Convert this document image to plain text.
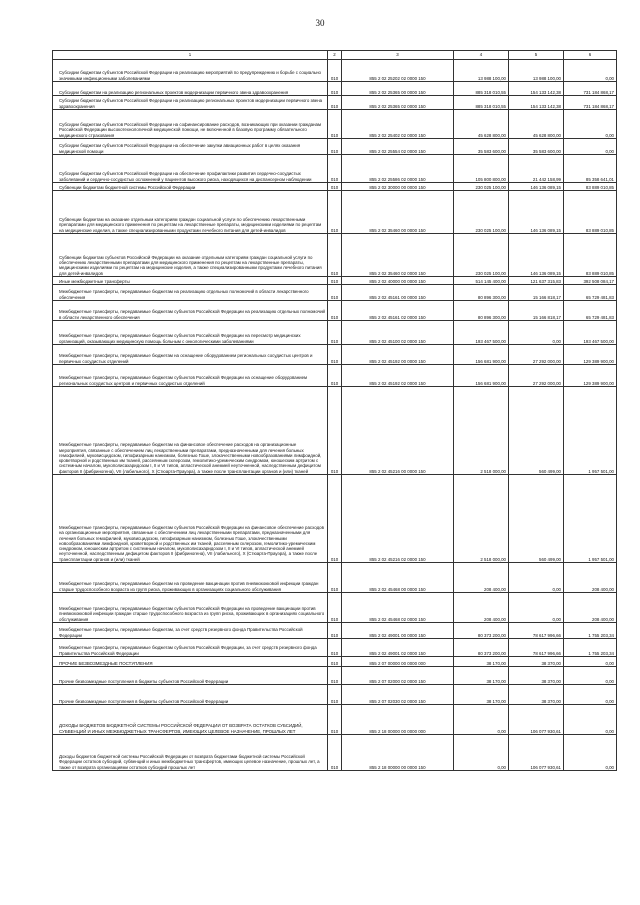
30
1	2	3	4	5	6
Субсидии бюджетам субъектов Российской Федерации на реализацию мероприятий по предупреждению и борьбе с социально значимыми инфекционными заболеваниями	010	855 2 02 25202 02 0000 150	13 988 100,00	13 988 100,00	0,00
Субсидии бюджетам на реализацию региональных проектов модернизации первичного звена здравоохранения	010	855 2 02 25365 00 0000 150	885 318 010,55	154 133 142,38	731 184 868,17
Субсидии бюджетам субъектов Российской Федерации на реализацию региональных проектов модернизации первичного звена здравоохранения	010	855 2 02 25365 02 0000 150	885 318 010,55	154 133 142,38	731 184 868,17
Субсидии бюджетам субъектов Российской Федерации на софинансирование расходов, возникающих при оказании гражданам Российской Федерации высокотехнологичной медицинской помощи, не включенной в базовую программу обязательного медицинского страхования	010	855 2 02 25402 02 0000 150	45 628 800,00	45 628 800,00	0,00
Субсидии бюджетам субъектов Российской Федерации на обеспечение закупки авиационных работ в целях оказания медицинской помощи	010	855 2 02 25554 02 0000 150	35 583 600,00	35 583 600,00	0,00
Субсидии бюджетам субъектов Российской Федерации на обеспечение профилактики развития сердечно-сосудистых заболеваний и сердечно-сосудистых осложнений у пациентов высокого риска, находящихся на диспансерном наблюдении	010	855 2 02 25586 02 0000 150	105 800 800,00	21 442 158,99	85 358 641,01
Субвенции бюджетам бюджетной системы Российской Федерации	010	855 2 02 30000 00 0000 150	230 025 100,00	146 136 089,15	83 889 010,85
Субвенции бюджетам на оказание отдельным категориям граждан социальной услуги по обеспечению лекарственными препаратами для медицинского применения по рецептам на лекарственные препараты, медицинскими изделиями по рецептам на медицинские изделия, а также специализированными продуктами лечебного питания для детей-инвалидов	010	855 2 02 35460 00 0000 150	230 025 100,00	146 136 089,15	83 889 010,85
Субвенции бюджетам субъектов Российской Федерации на оказание отдельным категориям граждан социальной услуги по обеспечению лекарственными препаратами для медицинского применения по рецептам на лекарственные препараты, медицинскими изделиями по рецептам на медицинские изделия, а также специализированными продуктами лечебного питания для детей-инвалидов	010	855 2 02 35460 02 0000 150	230 025 100,00	146 136 089,15	83 889 010,85
Иные межбюджетные трансферты	010	855 2 02 40000 00 0000 150	514 145 400,00	121 637 315,83	392 508 084,17
Межбюджетные трансферты, передаваемые бюджетам на реализацию отдельных полномочий в области лекарственного обеспечения	010	855 2 02 45161 00 0000 150	80 896 300,00	15 166 818,17	65 729 481,83
Межбюджетные трансферты, передаваемые бюджетам субъектов Российской Федерации на реализацию отдельных полномочий в области лекарственного обеспечения	010	855 2 02 45161 02 0000 150	80 896 300,00	15 166 818,17	65 729 481,83
Межбюджетные трансферты, передаваемые бюджетам субъектов Российской Федерации на пересмотр медицинских организаций, оказывающих медицинскую помощь больным с онкологическими заболеваниями	010	855 2 02 45100 02 0000 150	193 467 500,00	0,00	193 467 500,00
Межбюджетные трансферты, передаваемые бюджетам на оснащение оборудованием региональных сосудистых центров и первичных сосудистых отделений	010	855 2 02 45192 00 0000 150	156 681 900,00	27 292 000,00	129 389 900,00
Межбюджетные трансферты, передаваемые бюджетам субъектов Российской Федерации на оснащение оборудованием региональных сосудистых центров и первичных сосудистых отделений	010	855 2 02 45192 02 0000 150	156 681 900,00	27 292 000,00	129 389 900,00
Межбюджетные трансферты, передаваемые бюджетам на финансовое обеспечение расходов на организационные мероприятия, связанные с обеспечением лиц лекарственными препаратами, предназначенными для лечения больных гемофилией, муковисцидозом, гипофизарным нанизмом, болезнью Гоше, злокачественными новообразованиями лимфоидной, кроветворной и родственных им тканей, рассеянным склерозом, гемолитико-уремическим синдромом, юношеским артритом с системным началом, мукополисахаридозом I, II и VI типов, апластической анемией неуточненной, наследственным дефицитом факторов II (фибриногена), VII (лабильного), X (Стюарта-Прауэра), а также после трансплантации органов и (или) тканей	010	855 2 02 45216 00 0000 150	2 518 000,00	560 499,00	1 957 501,00
Межбюджетные трансферты, передаваемые бюджетам субъектов Российской Федерации на финансовое обеспечение расходов на организационные мероприятия, связанные с обеспечением лиц лекарственными препаратами, предназначенными для лечения больных гемофилией, муковисцидозом, гипофизарным нанизмом, болезнью Гоше, злокачественными новообразованиями лимфоидной, кроветворной и родственных им тканей, рассеянным склерозом, гемолитико-уремическим синдромом, юношеским артритом с системным началом, мукополисахаридозом I, II и VI типов, апластической анемией неуточненной, наследственным дефицитом факторов II (фибриногена), VII (лабильного), X (Стюарта-Прауэра), а также после трансплантации органов и (или) тканей	010	855 2 02 45216 02 0000 150	2 518 000,00	560 499,00	1 957 501,00
Межбюджетные трансферты, передаваемые бюджетам на проведение вакцинации против пневмококковой инфекции граждан старше трудоспособного возраста из групп риска, проживающих в организациях социального обслуживания	010	855 2 02 45468 00 0000 150	208 400,00	0,00	208 400,00
Межбюджетные трансферты, передаваемые бюджетам субъектов Российской Федерации на проведение вакцинации против пневмококковой инфекции граждан старше трудоспособного возраста из групп риска, проживающих в организациях социального обслуживания	010	855 2 02 45468 02 0000 150	208 400,00	0,00	208 400,00
Межбюджетные трансферты, передаваемые бюджетам, за счет средств резервного фонда Правительства Российской Федерации	010	855 2 02 49001 00 0000 150	80 373 200,00	78 617 996,66	1 755 203,34
Межбюджетные трансферты, передаваемые бюджетам субъектов Российской Федерации, за счет средств резервного фонда Правительства Российской Федерации	010	855 2 02 49001 02 0000 150	80 373 200,00	78 617 996,66	1 755 203,34
ПРОЧИЕ БЕЗВОЗМЕЗДНЫЕ ПОСТУПЛЕНИЯ	010	855 2 07 00000 00 0000 000	38 170,00	38 370,00	0,00
Прочие безвозмездные поступления в бюджеты субъектов Российской Федерации	010	855 2 07 02000 02 0000 150	38 170,00	38 370,00	0,00
Прочие безвозмездные поступления в бюджеты субъектов Российской Федерации	010	855 2 07 02030 02 0000 150	38 170,00	38 370,00	0,00
ДОХОДЫ БЮДЖЕТОВ БЮДЖЕТНОЙ СИСТЕМЫ РОССИЙСКОЙ ФЕДЕРАЦИИ ОТ ВОЗВРАТА ОСТАТКОВ СУБСИДИЙ, СУБВЕНЦИЙ И ИНЫХ МЕЖБЮДЖЕТНЫХ ТРАНСФЕРТОВ, ИМЕЮЩИХ ЦЕЛЕВОЕ НАЗНАЧЕНИЕ, ПРОШЛЫХ ЛЕТ	010	855 2 18 00000 00 0000 000	0,00	106 077 930,61	0,00
Доходы бюджетов бюджетной системы Российской Федерации от возврата бюджетами бюджетной системы Российской Федерации остатков субсидий, субвенций и иных межбюджетных трансфертов, имеющих целевое назначение, прошлых лет, а также от возврата организациями остатков субсидий прошлых лет	010	855 2 18 00000 00 0000 150	0,00	106 077 930,61	0,00
